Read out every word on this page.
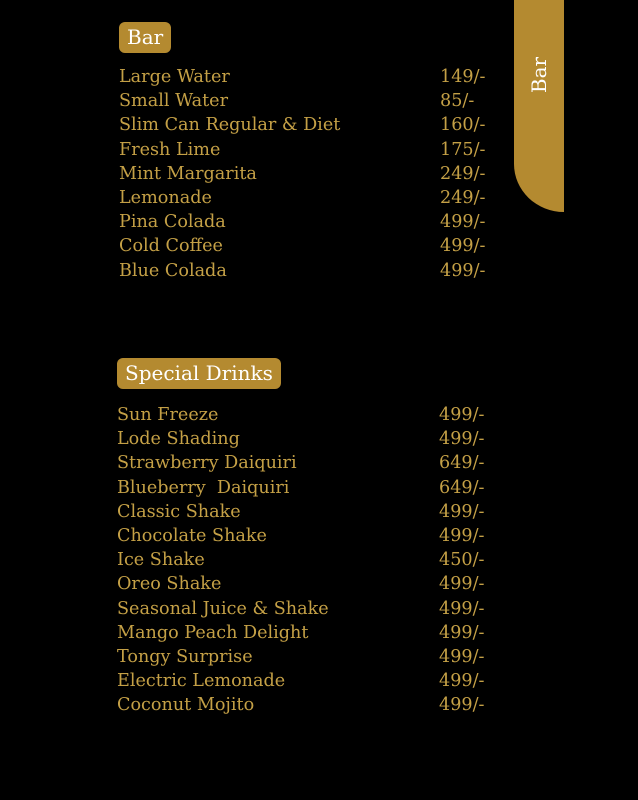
Bar
Bar
Large Water	149/-
Small Water	85/-
Slim Can Regular & Diet	160/-
Fresh Lime	175/-
Mint Margarita	249/-
Lemonade	249/-
Pina Colada	499/-
Cold Coffee	499/-
Blue Colada	499/-
Special Drinks
Sun Freeze	499/-
Lode Shading	499/-
Strawberry Daiquiri	649/-
Blueberry  Daiquiri	649/-
Classic Shake	499/-
Chocolate Shake	499/-
Ice Shake	450/-
Oreo Shake	499/-
Seasonal Juice & Shake	499/-
Mango Peach Delight	499/-
Tongy Surprise	499/-
Electric Lemonade	499/-
Coconut Mojito	499/-
